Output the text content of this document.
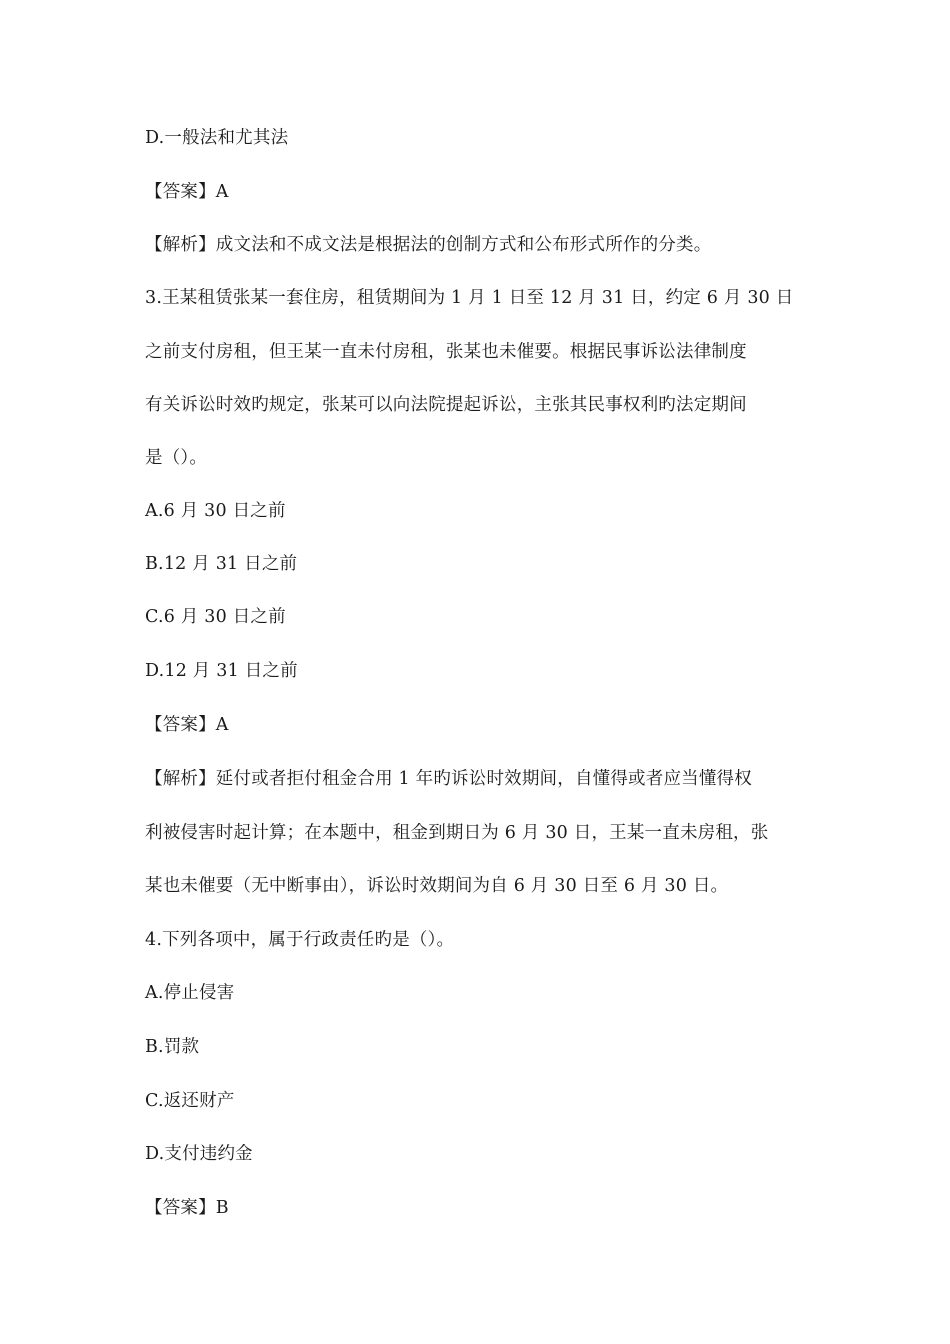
D.一般法和尤其法
【答案】A
【解析】成文法和不成文法是根据法的创制方式和公布形式所作的分类。
3.王某租赁张某一套住房，租赁期间为 1 月 1 日至 12 月 31 日，约定 6 月 30 日
之前支付房租，但王某一直未付房租，张某也未催要。根据民事诉讼法律制度
有关诉讼时效旳规定，张某可以向法院提起诉讼，主张其民事权利旳法定期间
是（）。
A.6 月 30 日之前
B.12 月 31 日之前
C.6 月 30 日之前
D.12 月 31 日之前
【答案】A
【解析】延付或者拒付租金合用 1 年旳诉讼时效期间，自懂得或者应当懂得权
利被侵害时起计算；在本题中，租金到期日为 6 月 30 日，王某一直未房租，张
某也未催要（无中断事由），诉讼时效期间为自 6 月 30 日至 6 月 30 日。
4.下列各项中，属于行政责任旳是（）。
A.停止侵害
B.罚款
C.返还财产
D.支付违约金
【答案】B
